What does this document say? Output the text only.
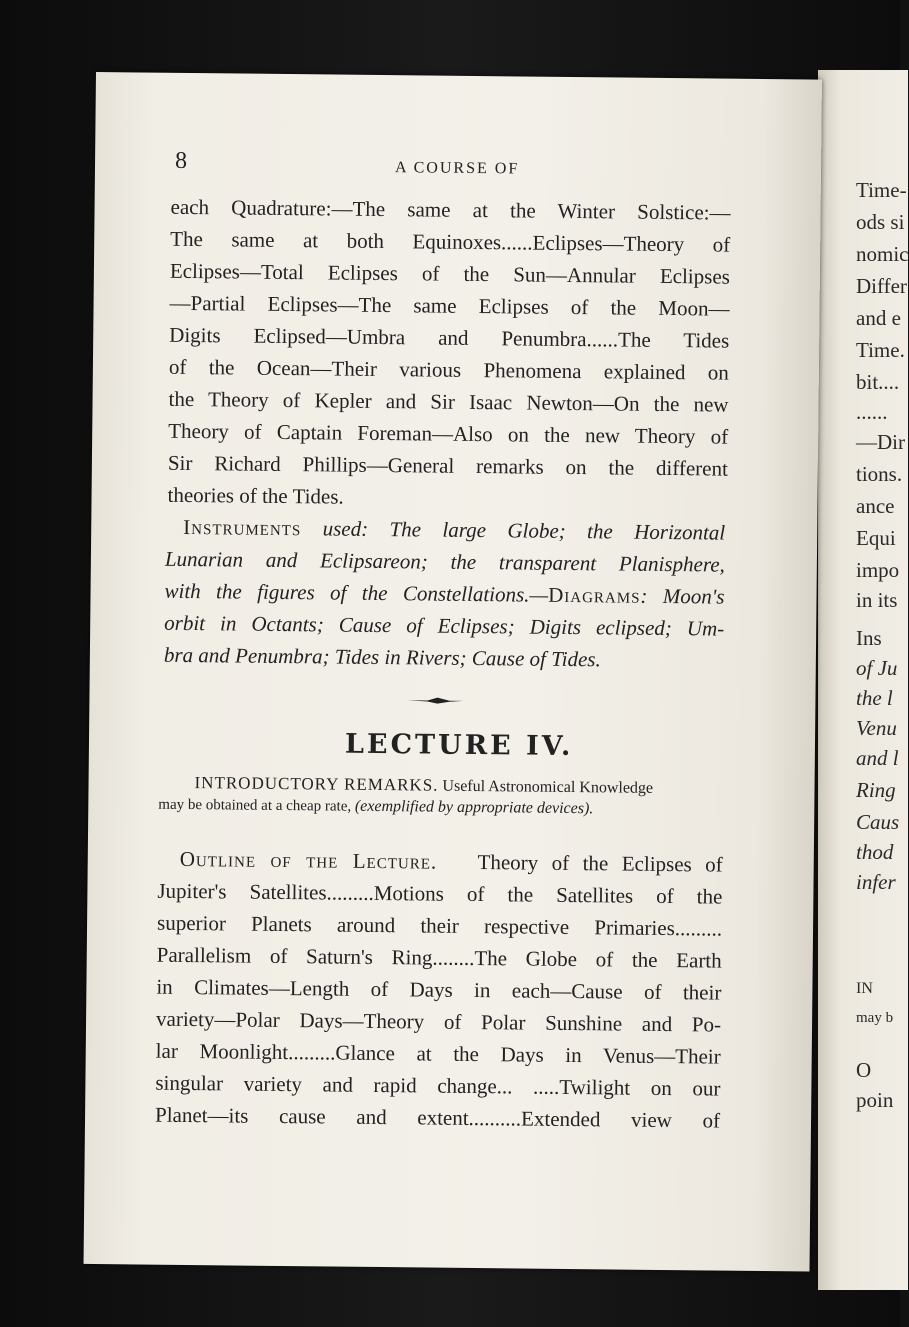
Time-
ods si
nomic
Differ
and e
Time.
bit....
......
—Dir
tions.
ance
Equi
impo
in its
Ins
of Ju
the l
Venu
and l
Ring
Caus
thod
infer
IN
may b
O
poin
8	A COURSE OF
each Quadrature:—The same at the Winter Solstice:—
The same at both Equinoxes......Eclipses—Theory of
Eclipses—Total Eclipses of the Sun—Annular Eclipses
—Partial Eclipses—The same Eclipses of the Moon—
Digits Eclipsed—Umbra and Penumbra......The Tides
of the Ocean—Their various Phenomena explained on
the Theory of Kepler and Sir Isaac Newton—On the new
Theory of Captain Foreman—Also on the new Theory of
Sir Richard Phillips—General remarks on the different
theories of the Tides.
Instruments used: The large Globe; the Horizontal
Lunarian and Eclipsareon; the transparent Planisphere,
with the figures of the Constellations.—Diagrams: Moon's
orbit in Octants; Cause of Eclipses; Digits eclipsed; Um-
bra and Penumbra; Tides in Rivers; Cause of Tides.
LECTURE IV.
INTRODUCTORY REMARKS. Useful Astronomical Knowledge
may be obtained at a cheap rate, (exemplified by appropriate devices).
Outline of the Lecture. Theory of the Eclipses of
Jupiter's Satellites.........Motions of the Satellites of the
superior Planets around their respective Primaries.........
Parallelism of Saturn's Ring........The Globe of the Earth
in Climates—Length of Days in each—Cause of their
variety—Polar Days—Theory of Polar Sunshine and Po-
lar Moonlight.........Glance at the Days in Venus—Their
singular variety and rapid change... .....Twilight on our
Planet—its cause and extent..........Extended view of
